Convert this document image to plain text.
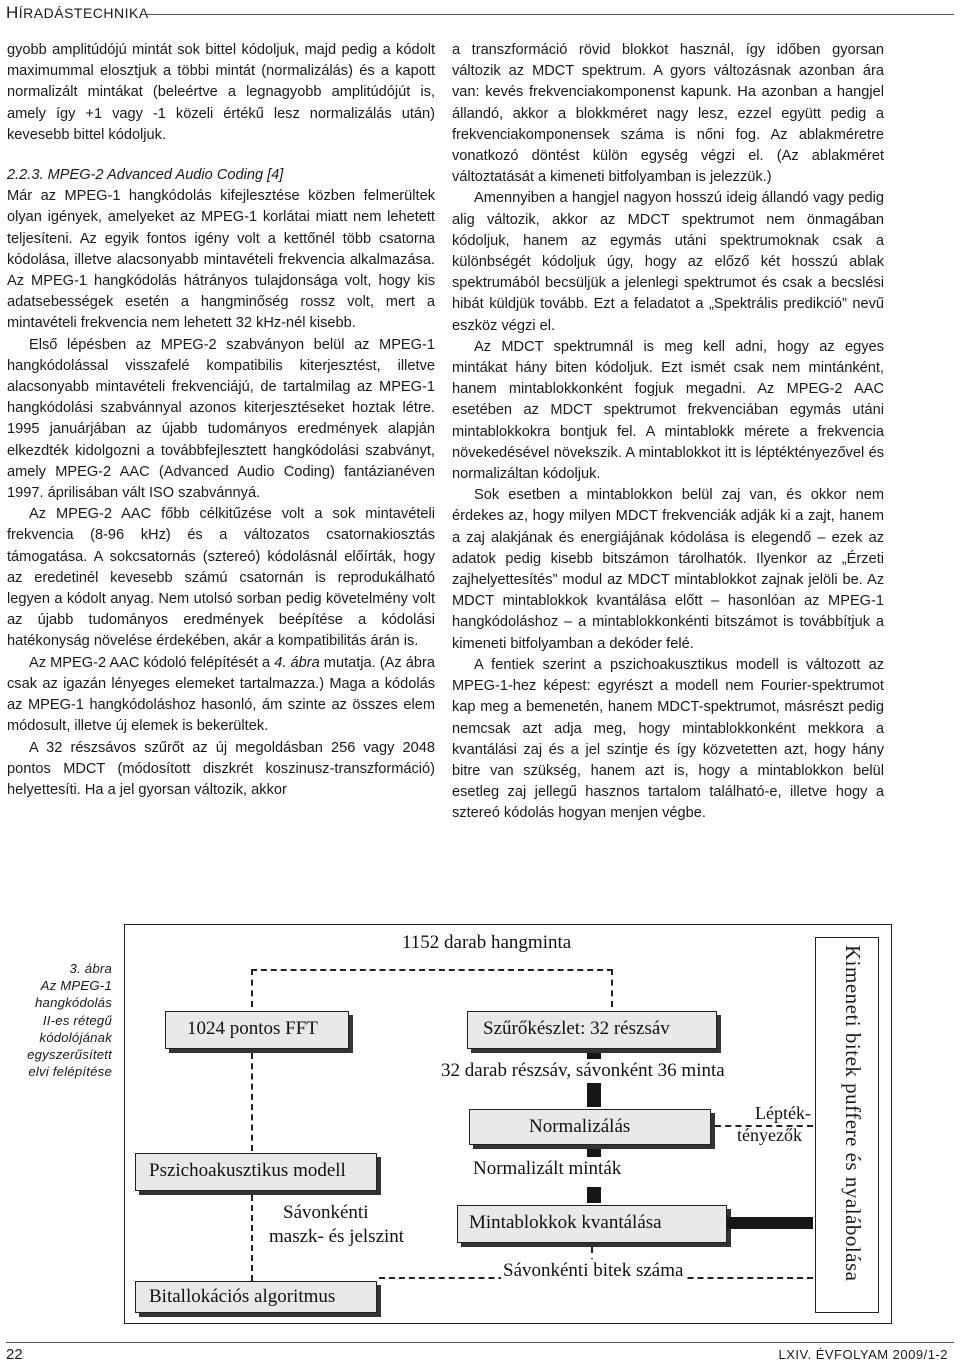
HÍRADÁSTECHNIKA

gyobb amplitúdójú mintát sok bittel kódoljuk, majd pedig a kódolt maximummal elosztjuk a többi mintát (normalizálás) és a kapott normalizált mintákat (beleértve a legnagyobb amplitúdójút is, amely így +1 vagy -1 közeli értékű lesz normalizálás után) kevesebb bittel kódoljuk.

2.2.3. MPEG-2 Advanced Audio Coding [4]

Már az MPEG-1 hangkódolás kifejlesztése közben felmerültek olyan igények, amelyeket az MPEG-1 korlátai miatt nem lehetett teljesíteni. Az egyik fontos igény volt a kettőnél több csatorna kódolása, illetve alacsonyabb mintavételi frekvencia alkalmazása. Az MPEG-1 hangkódolás hátrányos tulajdonsága volt, hogy kis adatsebességek esetén a hangminőség rossz volt, mert a mintavételi frekvencia nem lehetett 32 kHz-nél kisebb.

Első lépésben az MPEG-2 szabványon belül az MPEG-1 hangkódolással visszafelé kompatibilis kiterjesztést, illetve alacsonyabb mintavételi frekvenciájú, de tartalmilag az MPEG-1 hangkódolási szabvánnyal azonos kiterjesztéseket hoztak létre. 1995 januárjában az újabb tudományos eredmények alapján elkezdték kidolgozni a továbbfejlesztett hangkódolási szabványt, amely MPEG-2 AAC (Advanced Audio Coding) fantázianéven 1997. áprilisában vált ISO szabvánnyá.

Az MPEG-2 AAC főbb célkitűzése volt a sok mintavételi frekvencia (8-96 kHz) és a változatos csatornakiosztás támogatása. A sokcsatornás (sztereó) kódolásnál előírták, hogy az eredetinél kevesebb számú csatornán is reprodukálható legyen a kódolt anyag. Nem utolsó sorban pedig követelmény volt az újabb tudományos eredmények beépítése a kódolási hatékonyság növelése érdekében, akár a kompatibilitás árán is.

Az MPEG-2 AAC kódoló felépítését a 4. ábra mutatja. (Az ábra csak az igazán lényeges elemeket tartalmazza.) Maga a kódolás az MPEG-1 hangkódoláshoz hasonló, ám szinte az összes elem módosult, illetve új elemek is bekerültek.

A 32 részsávos szűrőt az új megoldásban 256 vagy 2048 pontos MDCT (módosított diszkrét koszinusz-transzformáció) helyettesíti. Ha a jel gyorsan változik, akkor

a transzformáció rövid blokkot használ, így időben gyorsan változik az MDCT spektrum. A gyors változásnak azonban ára van: kevés frekvenciakomponenst kapunk. Ha azonban a hangjel állandó, akkor a blokkméret nagy lesz, ezzel együtt pedig a frekvenciakomponensek száma is nőni fog. Az ablakméretre vonatkozó döntést külön egység végzi el. (Az ablakméret változtatását a kimeneti bitfolyamban is jelezzük.)

Amennyiben a hangjel nagyon hosszú ideig állandó vagy pedig alig változik, akkor az MDCT spektrumot nem önmagában kódoljuk, hanem az egymás utáni spektrumoknak csak a különbségét kódoljuk úgy, hogy az előző két hosszú ablak spektrumából becsüljük a jelenlegi spektrumot és csak a becslési hibát küldjük tovább. Ezt a feladatot a „Spektrális predikció” nevű eszköz végzi el.

Az MDCT spektrumnál is meg kell adni, hogy az egyes mintákat hány biten kódoljuk. Ezt ismét csak nem mintánként, hanem mintablokkonként fogjuk megadni. Az MPEG-2 AAC esetében az MDCT spektrumot frekvenciában egymás utáni mintablokkokra bontjuk fel. A mintablokk mérete a frekvencia növekedésével növekszik. A mintablokkot itt is léptéktényezővel és normalizáltan kódoljuk.

Sok esetben a mintablokkon belül zaj van, és okkor nem érdekes az, hogy milyen MDCT frekvenciák adják ki a zajt, hanem a zaj alakjának és energiájának kódolása is elegendő – ezek az adatok pedig kisebb bitszámon tárolhatók. Ilyenkor az „Érzeti zajhelyettesítés” modul az MDCT mintablokkot zajnak jelöli be. Az MDCT mintablokkok kvantálása előtt – hasonlóan az MPEG-1 hangkódoláshoz – a mintablokkonkénti bitszámot is továbbítjuk a kimeneti bitfolyamban a dekóder felé.

A fentiek szerint a pszichoakusztikus modell is változott az MPEG-1-hez képest: egyrészt a modell nem Fourier-spektrumot kap meg a bemenetén, hanem MDCT-spektrumot, másrészt pedig nemcsak azt adja meg, hogy mintablokkonként mekkora a kvantálási zaj és a jel szintje és így közvetetten azt, hogy hány bitre van szükség, hanem azt is, hogy a mintablokkon belül esetleg zaj jellegű hasznos tartalom található-e, illetve hogy a sztereó kódolás hogyan menjen végbe.

3. ábra
Az MPEG-1
hangkódolás
II-es rétegű
kódolójának
egyszerűsített
elvi felépítése
1152 darab hangminta
1024 pontos FFT	Szűrőkészlet: 32 részsáv
32 darab részsáv, sávonként 36 minta
Normalizálás
Normalizált minták
Lépték-
tényezők
Pszichoakusztikus modell
Sávonkénti
maszk- és jelszint
Mintablokkok kvantálása
Sávonkénti bitek száma
Bitallokációs algoritmus
Kimeneti bitek puffere és nyalábolása
22	LXIV. ÉVFOLYAM 2009/1-2
